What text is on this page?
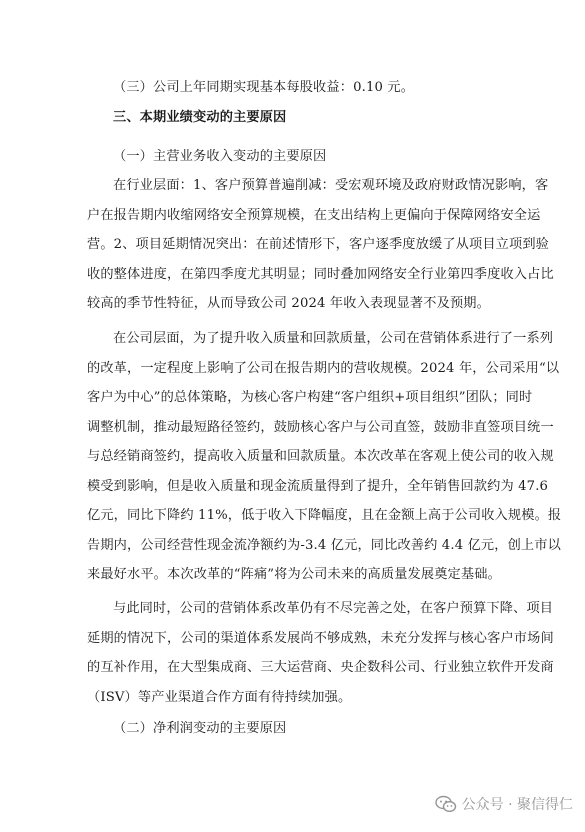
（三）公司上年同期实现基本每股收益：0.10 元。
三、本期业绩变动的主要原因
（一）主营业务收入变动的主要原因
在行业层面：1、客户预算普遍削减：受宏观环境及政府财政情况影响，客
户在报告期内收缩网络安全预算规模，在支出结构上更偏向于保障网络安全运
营。2、项目延期情况突出：在前述情形下，客户逐季度放缓了从项目立项到验
收的整体进度，在第四季度尤其明显；同时叠加网络安全行业第四季度收入占比
较高的季节性特征，从而导致公司 2024 年收入表现显著不及预期。
在公司层面，为了提升收入质量和回款质量，公司在营销体系进行了一系列
的改革，一定程度上影响了公司在报告期内的营收规模。2024 年，公司采用“以
客户为中心”的总体策略，为核心客户构建“客户组织+项目组织”团队；同时
调整机制，推动最短路径签约，鼓励核心客户与公司直签，鼓励非直签项目统一
与总经销商签约，提高收入质量和回款质量。本次改革在客观上使公司的收入规
模受到影响，但是收入质量和现金流质量得到了提升，全年销售回款约为 47.6
亿元，同比下降约 11%，低于收入下降幅度，且在金额上高于公司收入规模。报
告期内，公司经营性现金流净额约为-3.4 亿元，同比改善约 4.4 亿元，创上市以
来最好水平。本次改革的“阵痛”将为公司未来的高质量发展奠定基础。
与此同时，公司的营销体系改革仍有不尽完善之处，在客户预算下降、项目
延期的情况下，公司的渠道体系发展尚不够成熟，未充分发挥与核心客户市场间
的互补作用，在大型集成商、三大运营商、央企数科公司、行业独立软件开发商
（ISV）等产业渠道合作方面有待持续加强。
（二）净利润变动的主要原因
公众号 · 聚信得仁
